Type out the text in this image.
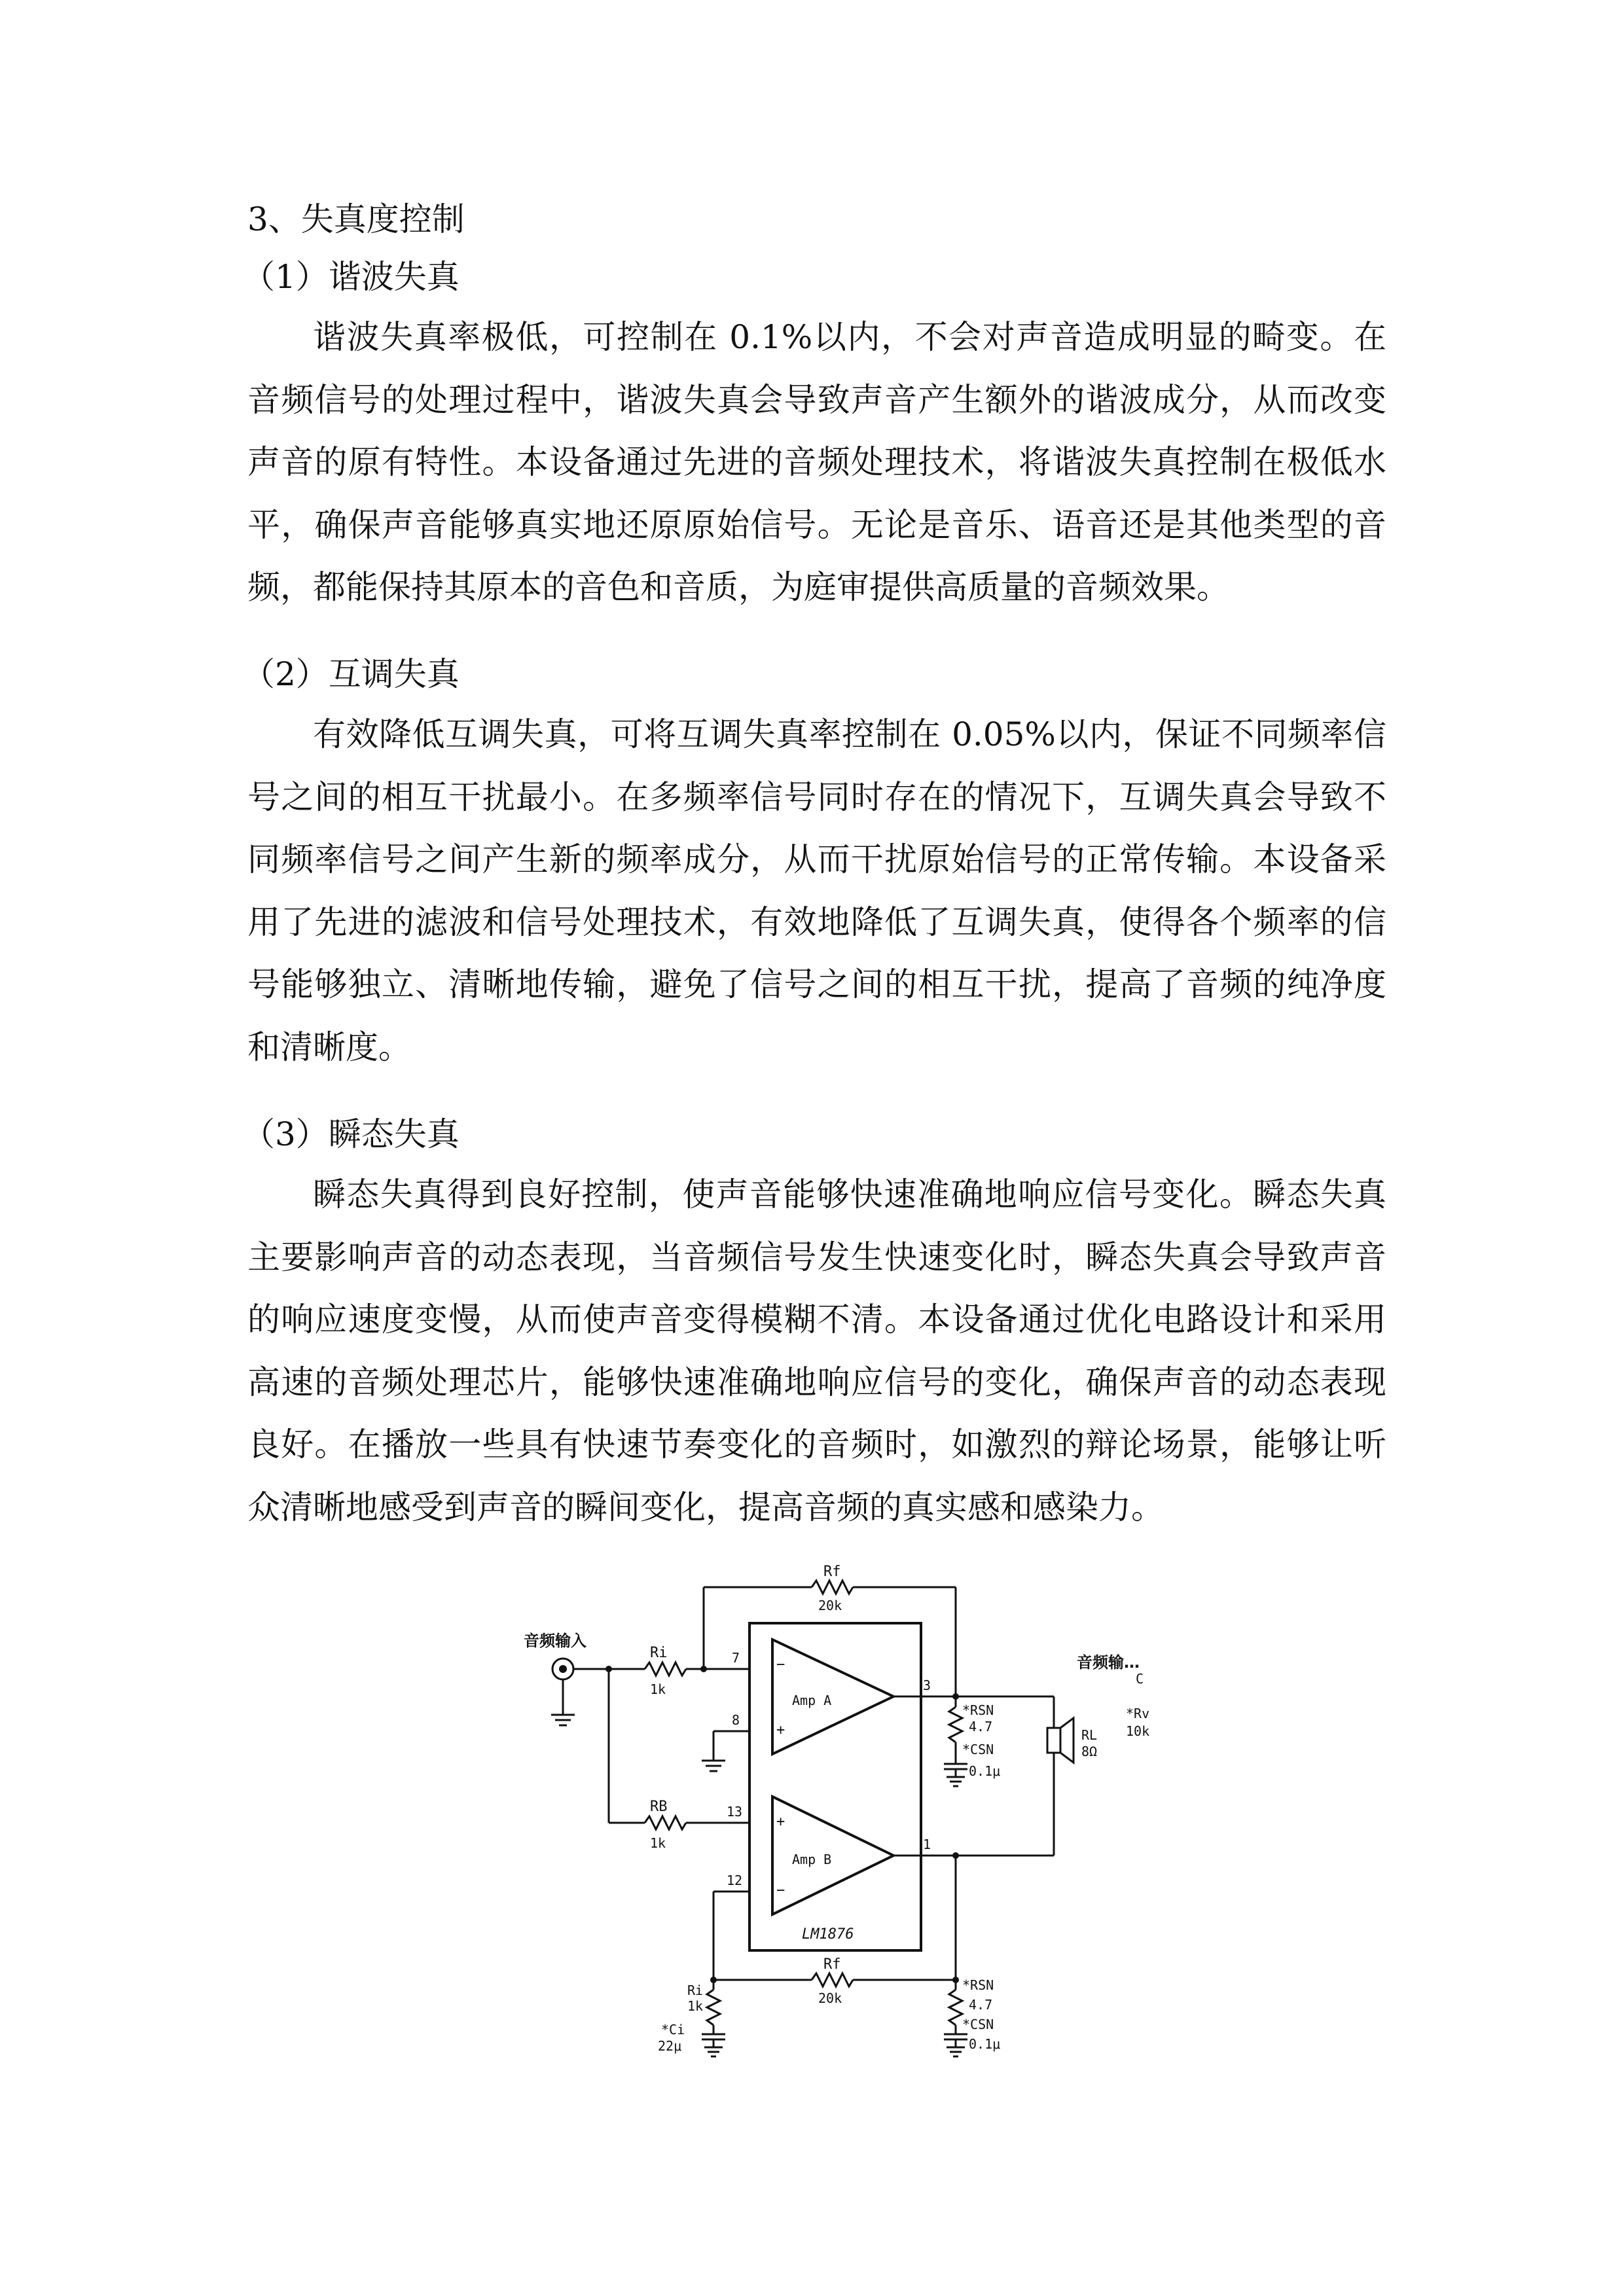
3、失真度控制
（1）谐波失真

谐波失真率极低，可控制在 0.1%以内，不会对声音造成明显的畸变。在音频信号的处理过程中，谐波失真会导致声音产生额外的谐波成分，从而改变声音的原有特性。本设备通过先进的音频处理技术，将谐波失真控制在极低水平，确保声音能够真实地还原原始信号。无论是音乐、语音还是其他类型的音频，都能保持其原本的音色和音质，为庭审提供高质量的音频效果。

（2）互调失真

有效降低互调失真，可将互调失真率控制在 0.05%以内，保证不同频率信号之间的相互干扰最小。在多频率信号同时存在的情况下，互调失真会导致不同频率信号之间产生新的频率成分，从而干扰原始信号的正常传输。本设备采用了先进的滤波和信号处理技术，有效地降低了互调失真，使得各个频率的信号能够独立、清晰地传输，避免了信号之间的相互干扰，提高了音频的纯净度和清晰度。

（3）瞬态失真

瞬态失真得到良好控制，使声音能够快速准确地响应信号变化。瞬态失真主要影响声音的动态表现，当音频信号发生快速变化时，瞬态失真会导致声音的响应速度变慢，从而使声音变得模糊不清。本设备通过优化电路设计和采用高速的音频处理芯片，能够快速准确地响应信号的变化，确保声音的动态表现良好。在播放一些具有快速节奏变化的音频时，如激烈的辩论场景，能够让听众清晰地感受到声音的瞬间变化，提高音频的真实感和感染力。

LM1876
Amp A
−
+
Amp B
+
−
音频输入
Ri
1k
7
Rf
20k
8
RB
1k
13
12
Rf
20k
Ri
1k
*Ci
22μ
3
*RSN
4.7
*CSN
0.1μ
RL
8Ω
1
*RSN
4.7
*CSN
0.1μ
音频输…
C
*Rv
10k
